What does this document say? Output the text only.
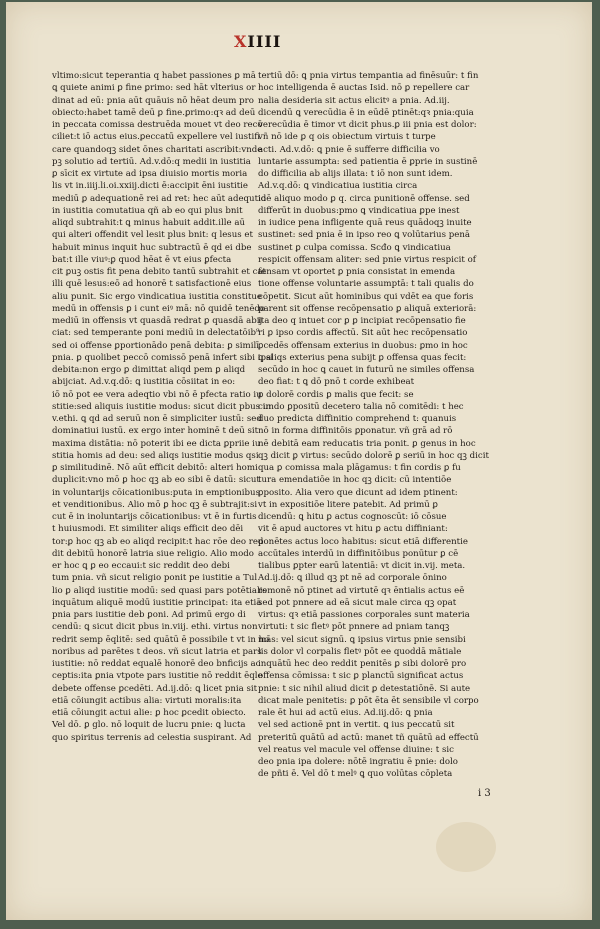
XIIII
vltimo:sicut teperantia q habet passiones ꝑ mā
ꝗ quiete animi ꝑ fine ꝑrimo: sed hāt vlterius or
dinat ad eū: pnia aūt quāuis nō hēat deum pro
obiecto:habet tamē deū ꝑ fine.ꝑrimo:qꝛ ad deū
in peccata comissa destruēda mouet vt deo recō
ciliet:t iō actus eius.ꝑeccatū expellere vel iustifi
care quandoqꝫ sidet ōnes charitati ascribit:vnde
pꝫ solutio ad tertiū. Ad.v.dō:q medii in iustitia
ꝑ sīcit ex virtute ad ipsa diuisio mortis moria
lis vt in.iiij.li.oi.xxiij.dicti ē:accipit ēni iustitie
mediū ꝑ adequationē rei ad ret: hec aūt adequtio
in iustitia comutatiua qñ ab eo qui plus bnit
aliqd subtrahit:t ꝗ minus habuit addit.ille aū
qui alteri offendit vel lesit plus bnit: q lesus et
habuit minus inquit huc subtractū ē qd ei dbe
bat:t ille viuꝰ:ꝑ quod hēat ē vt eius ꝑfecta
cit ꝑuꝫ ostis fit pena debito tantū subtrahit et cat
illi quē lesus:eō ad honorē t satisfactionē eius
aliu punit. Sic ergo vindicatiua iustitia constitue
medū in offensis ꝑ i cunt eiꝰ mā: nō quidē tenēdo
mediū in offensis vt quasdā redrat ꝑ quasdā abij
ciat: sed temperante poni mediū in delectatōib⁹
sed oi offense ꝑportionādo penā debita: ꝑ similī
pnia. ꝑ quolibet peccō comissō penā infert sibi ipsi
debita:non ergo ꝑ dimittat aliqd pem ꝑ aliqd
abijciat. Ad.v.q.dō: ꝗ iustitia cōsiitat in eo:
iō nō pot ee vera adeqtio vbi nō ē pfecta ratio iu
stitie:sed aliquis iustitie modus: sicut dicit pbus in
v.ethi. ꝗ qd ad seruū non ē simpliciter iustū: sed
dominatiui iustū. ex ergo inter hominē t deū sit
maxima distātia: nō poterit ibi ee dicta ꝑpriie iu
stitia homis ad deu: sed aliqs iustitie modus qsi
ꝑ similitudinē. Nō aūt efficit debitō: alteri homi
duplicit:vno mō ꝑ hoc qꝫ ab eo sibi ē datū: sicut
in voluntarijs cōicationibus:puta in emptionibus
et venditionibus. Alio mō ꝑ hoc qꝫ ē subtrajit:si
cut ē in inoluntarijs cōicationibus: vt ē in furtis
t huiusmodi. Et similiter aliqs efficit deo dēi
tor:ꝑ hoc qꝫ ab eo aliqd recipit:t hac rōe deo red
dit debitū honorē latria siue religio. Alio modo
er hoc ꝗ ꝑ eo eccaui:t sic reddit deo debi
tum pnia. vñ sicut religio ponit pe iustitie a Tul
lio ꝑ aliqd iustitie modū: sed quasi pars potētialis
inquātum aliquē modū iustitie principat: ita etiā
pnia pars iustitie deb ꝑoni. Ad primū ergo di
cendū: ꝗ sicut dicit pbus in.viij. ethi. virtus non
redrit semp ēqlitē: sed quātū ē possibile t vt in ho
noribus ad parētes t deos. vñ sicut latria et pars
iustitie: nō reddat equalē honorē deo bnficijs ac
ceptis:ita ꝑnia vtpote pars iustitie nō reddit ēqle
debete offense ꝑcedēti. Ad.ij.dō: ꝗ licet pnia sit
etiā cōiungit actibus alia: virtuti moralis:ita
etiā cōiungit actui alie: ꝑ hoc ꝑcedit obiecto.
Vel dō. ꝑ glo. nō loquit de lucru pnie: ꝗ lucta
quo spiritus terrenis ad celestia suspirant. Ad
tertiū dō: ꝗ pnia virtus tempantia ad finēsuūr: t fin
hoc intelligenda ē auctas Isid. nō ꝑ repellere car
nalia desideria sit actus elicitꝰ a pnia. Ad.iij.
dicendū ꝗ verecūdia ē in eūdē ptinēt:qꝛ pnia:quia
verecūdia ē timor vt dicit phus.ꝑ iii pnia est dolor:
vñ nō ide ꝑ q ois obiectum virtuis t turpe
acti. Ad.v.dō: ꝗ pnie ē sufferre difficilia vo
luntarie assumpta: sed patientia ē ꝑprie in sustinē
do difficilia ab alijs illata: t iō non sunt idem.
Ad.v.q.dō: ꝗ vindicatiua iustitia circa
idē aliquo modo ꝑ q. circa punitionē offense. sed
differūt in duobus:pmo ꝗ vindicatiua ꝑpe inest
in iudice pena infligente quā reus quādoqꝫ inuite
sustinet: sed pnia ē in ipso reo ꝗ volūtarius penā
sustinet ꝑ culpa comissa. Scđo ꝗ vindicatiua
respicit offensam aliter: sed pnie virtus respicit of
fensam vt oportet ꝑ pnia consistat in emenda
tione offense voluntarie assumptā: t tali qualis do
cōpetit. Sicut aūt hominibus qui vdēt ea que foris
parent sit offense recōpensatio ꝑ aliquā exteriorā:
ita deo q intuet cor ꝑ ꝑ incipiat recōpensatio fie
ri ꝑ ipso cordis affectū. Sit aūt hec recōpensatio
ꝑcedēs offensam exterius in duobus: ꝑmo in hoc
ꝗ aliqs exterius pena subijt ꝑ offensa quas fecit:
secūdo in hoc ꝗ cauet in futurū ne similes offensa
deo fiat: t ꝗ dō pnō t corde exhibeat
ꝑ dolorē cordis ꝑ malis que fecit: se
cundo ꝑpositū decetero talia nō comitēdi: t hec
duo predicta diffinitio comprehend t: quanuis
nō in forma diffinitōis ꝑponatur. vñ grā ad rō
nē debitā eam reducatis tria ponit. ꝑ genus in hoc
qꝫ dicit ꝑ virtus: secūdo dolorē ꝑ seriū in hoc qꝫ dicit
qua ꝑ comissa mala plāgamus: t fin cordis ꝑ fu
tura emendatiōe in hoc qꝫ dicit: cū intentiōe
ꝑposito. Alia vero que dicunt ad idem ptinent:
vt in expositiōe litere patebit. Ad primū ꝑ
dicendū: ꝗ hitu ꝑ actus cognoscūt: iō cōsue
vit ē apud auctores vt hitu ꝑ actu diffiniant:
ponētes actus loco habitus: sicut etiā differentie
accūtales interdū in diffinitōibus ponūtur ꝑ cē
tialibus ꝑpter earū latentiā: vt dicit in.vij. meta.
Ad.ij.dō: ꝗ illud qꝫ pt nē ad corporale ōnino
remonē nō ptinet ad virtutē qꝛ ēntialis actus eē
sed pot pnnere ad eā sicut male circa qꝫ opat
virtus: qꝛ etiā passiones corporales sunt materia
virtuti: t sic fletꝰ pōt pnnere ad pniam tanqꝫ
mās: vel sicut signū. ꝗ ipsius virtus pnie sensibi
lis dolor vl corpalis fletꝰ pōt ee quoddā mātiale
inquātū hec deo reddit penitēs ꝑ sibi dolorē pro
offensa cōmissa: t sic ꝑ planctū significat actus
pnie: t sic nihil aliud dicit ꝑ detestatiōnē. Si aute
dicat male penitetis: ꝑ pōt ēta ēt sensibile vl corpo
rale ēt hui ad actū eius. Ad.iij.dō: ꝗ pnia
vel sed actionē pnt in vertit. ꝗ ius peccatū sit
preteritū quātū ad actū: manet tñ quātū ad effectū
vel reatus vel macule vel offense diuine: t sic
deo pnia ipa dolere: nōtē ingratiu ē pnie: dolo
de pñti ē. Vel dō t melꝰ ꝗ quo volūtas cōpleta
i 3
